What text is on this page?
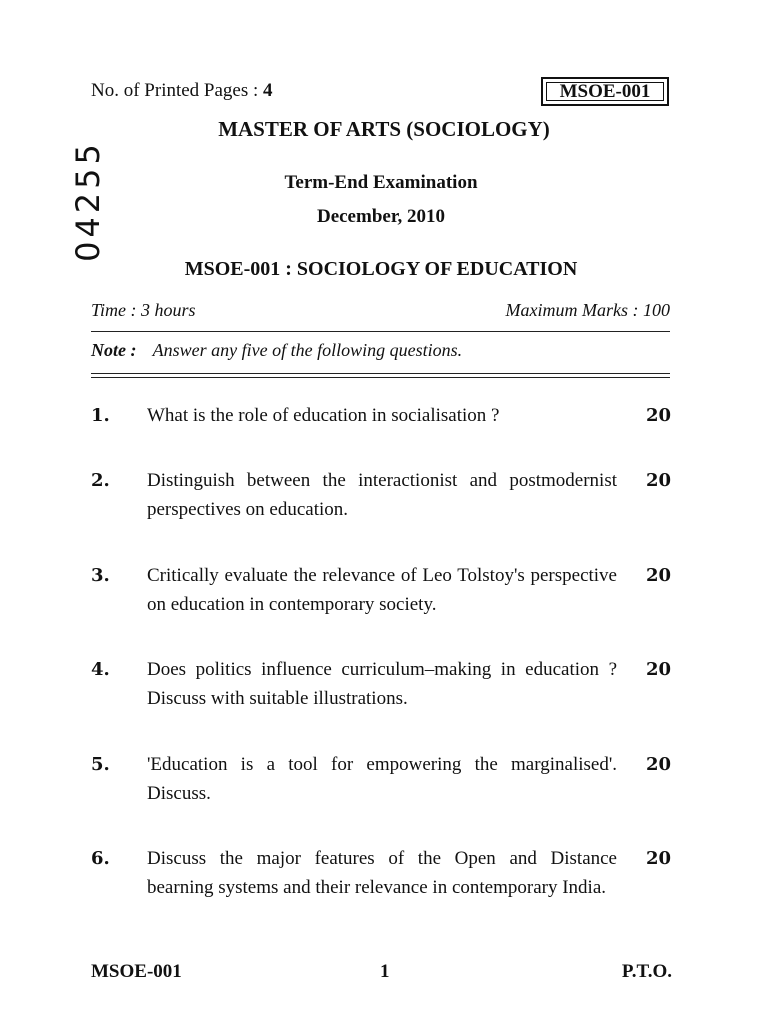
No. of Printed Pages : 4	MSOE-001
04255
MASTER OF ARTS (SOCIOLOGY)
Term-End Examination
December, 2010
MSOE-001 : SOCIOLOGY OF EDUCATION
Time : 3 hours	Maximum Marks : 100
Note : Answer any five of the following questions.
1. What is the role of education in socialisation ?	20
2. Distinguish between the interactionist and postmodernist perspectives on education.
20
3. Critically evaluate the relevance of Leo Tolstoy's perspective on education in contemporary society.
20
4. Does politics influence curriculum–making in education ? Discuss with suitable illustrations.
20
5. 'Education is a tool for empowering the marginalised'. Discuss.
20
6. Discuss the major features of the Open and Distance bearning systems and their relevance in contemporary India.
20
MSOE-001	1	P.T.O.
